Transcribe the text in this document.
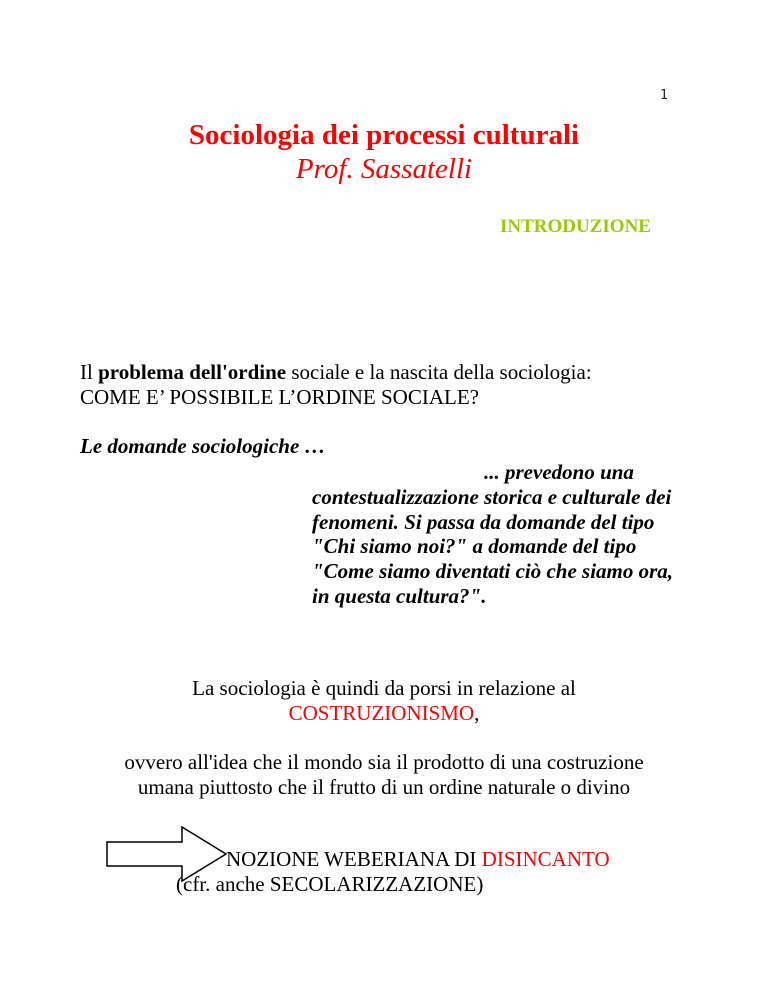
1
Sociologia dei processi culturali
Prof. Sassatelli
INTRODUZIONE
Il problema dell'ordine sociale e la nascita della sociologia:
COME E’ POSSIBILE L’ORDINE SOCIALE?
Le domande sociologiche …
... prevedono una
contestualizzazione storica e culturale dei fenomeni. Si passa da domande del tipo "Chi siamo noi?" a domande del tipo "Come siamo diventati ciò che siamo ora, in questa cultura?".
La sociologia è quindi da porsi in relazione al
COSTRUZIONISMO,
ovvero all'idea che il mondo sia il prodotto di una costruzione
umana piuttosto che il frutto di un ordine naturale o divino
NOZIONE WEBERIANA DI DISINCANTO
(cfr. anche SECOLARIZZAZIONE)
